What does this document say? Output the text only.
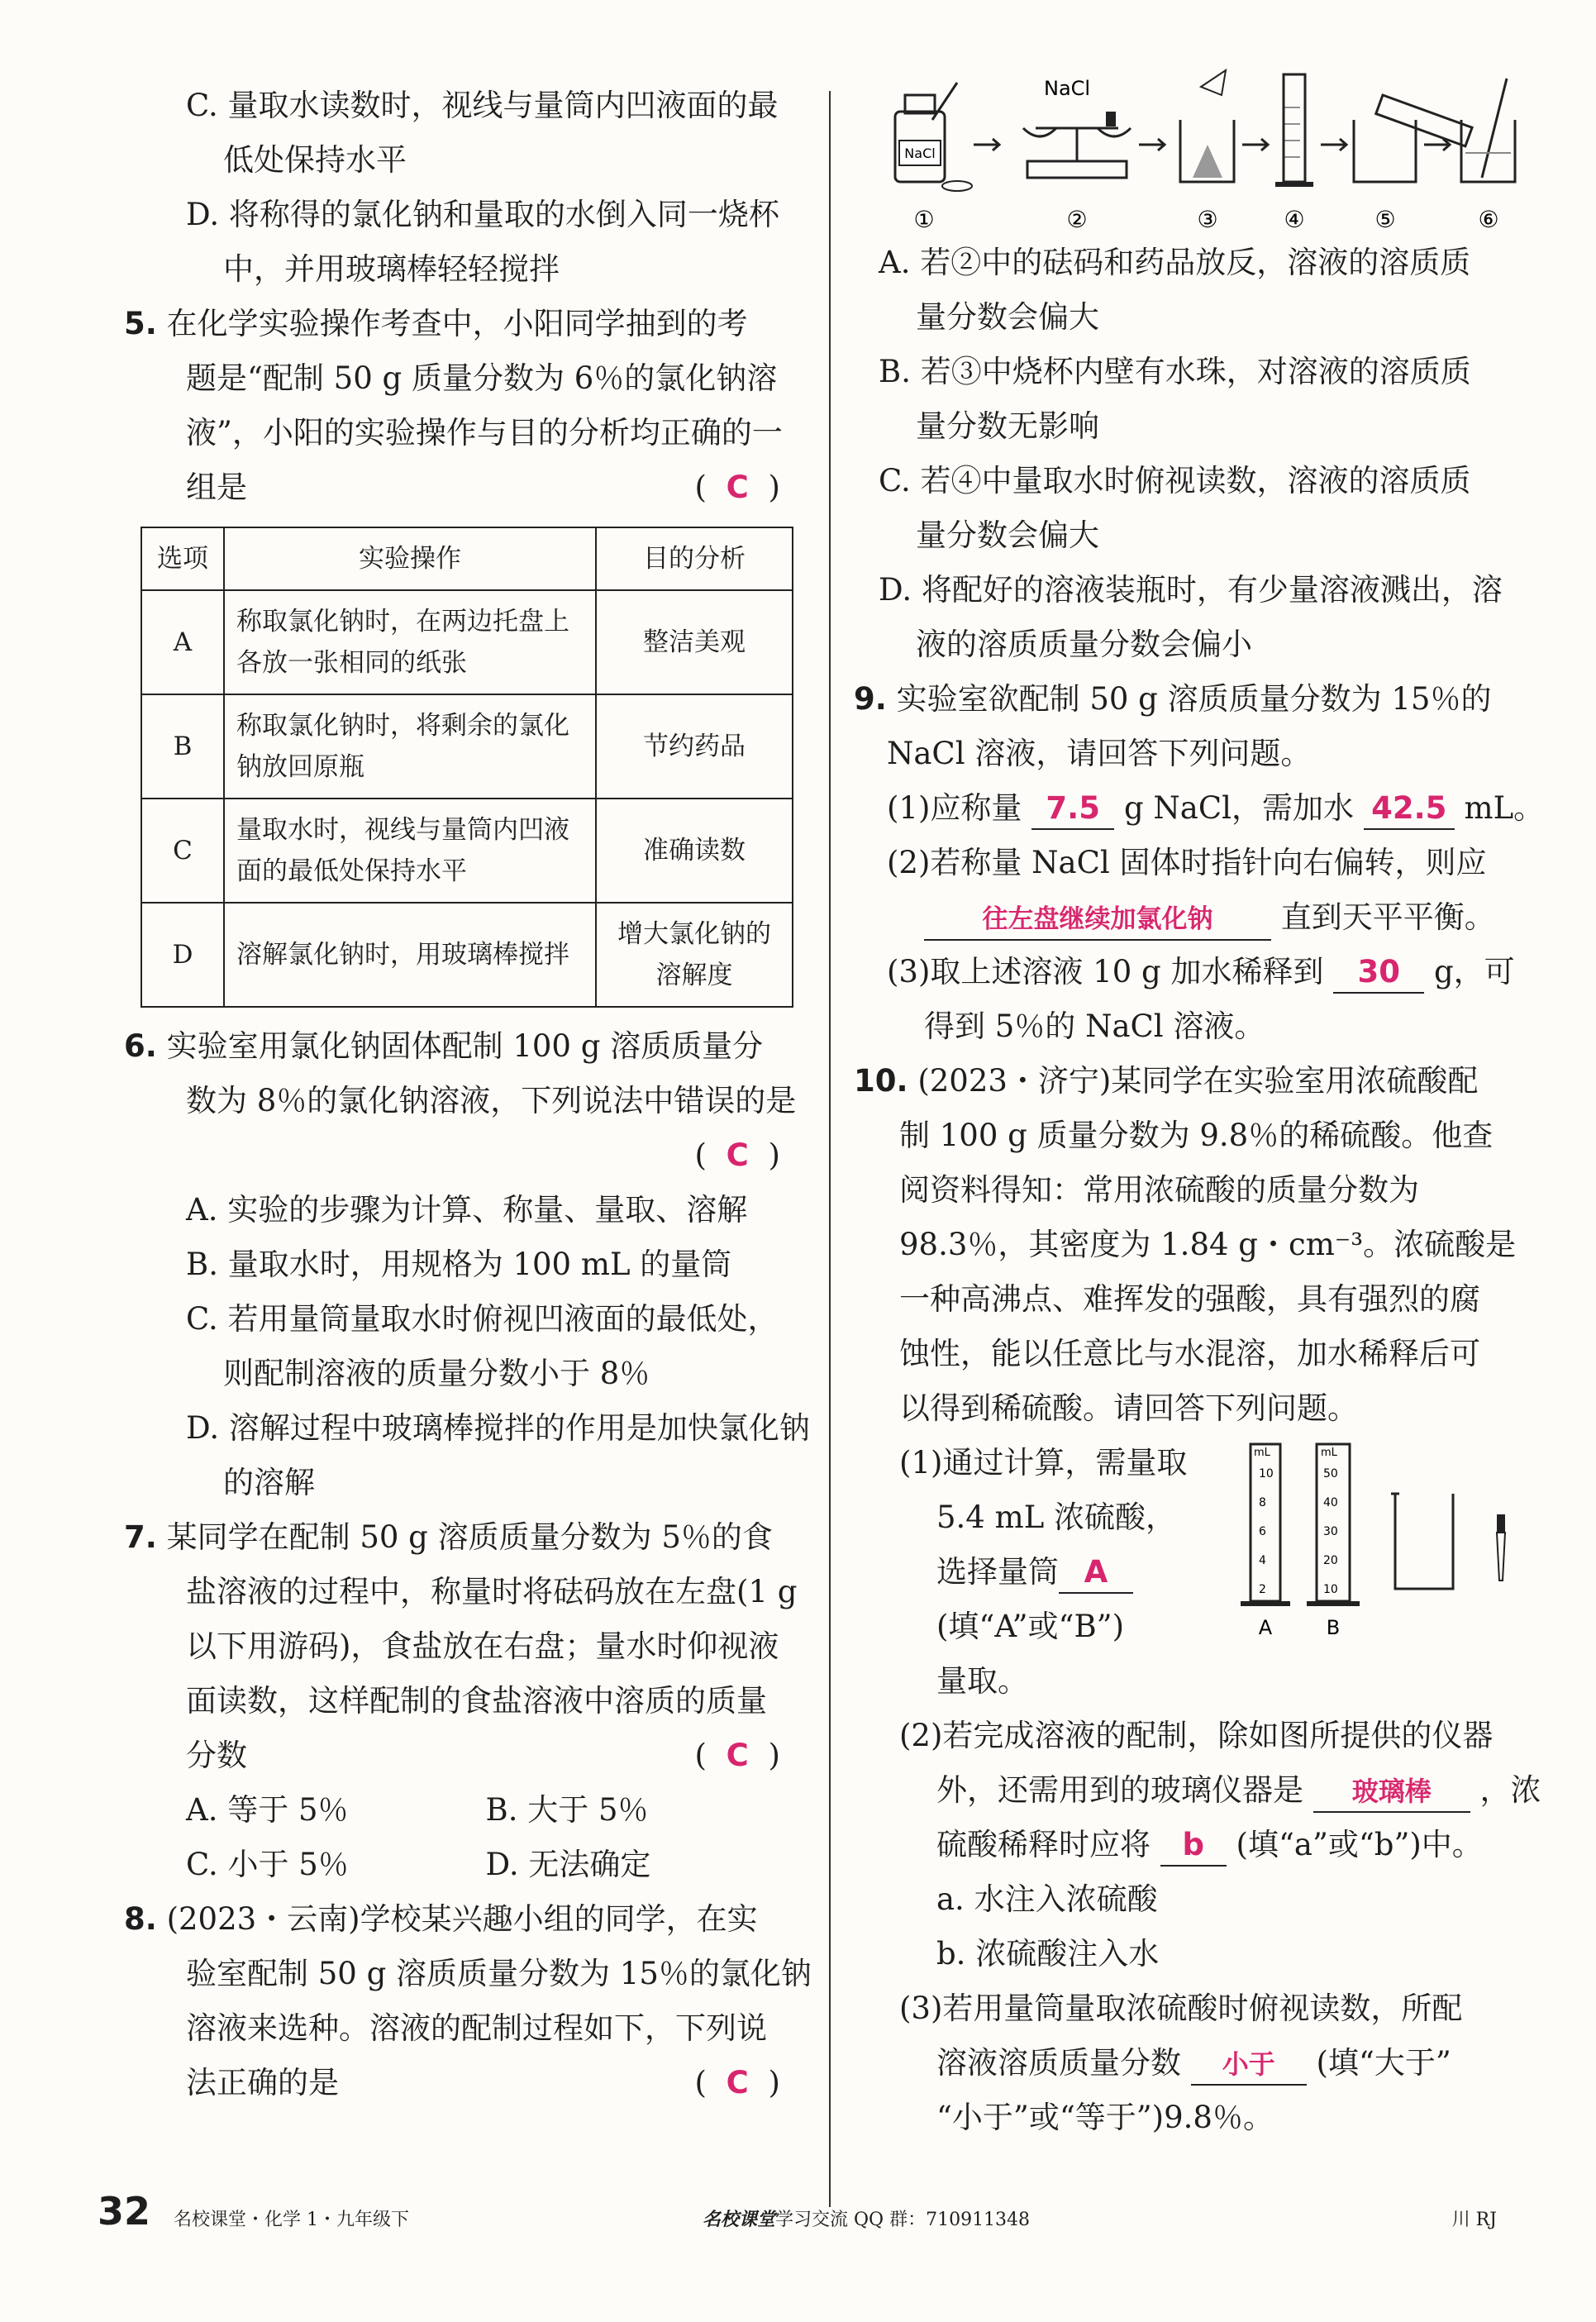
C. 量取水读数时，视线与量筒内凹液面的最
低处保持水平
D. 将称得的氯化钠和量取的水倒入同一烧杯
中，并用玻璃棒轻轻搅拌
5. 在化学实验操作考查中，小阳同学抽到的考
题是“配制 50 g 质量分数为 6％的氯化钠溶
液”，小阳的实验操作与目的分析均正确的一
组是	( C )
选项	实验操作	目的分析
A	称取氯化钠时，在两边托盘上各放一张相同的纸张	整洁美观
B	称取氯化钠时，将剩余的氯化钠放回原瓶	节约药品
C	量取水时，视线与量筒内凹液面的最低处保持水平	准确读数
D	溶解氯化钠时，用玻璃棒搅拌	增大氯化钠的溶解度
6. 实验室用氯化钠固体配制 100 g 溶质质量分
数为 8％的氯化钠溶液，下列说法中错误的是
( C )
A. 实验的步骤为计算、称量、量取、溶解
B. 量取水时，用规格为 100 mL 的量筒
C. 若用量筒量取水时俯视凹液面的最低处，
则配制溶液的质量分数小于 8％
D. 溶解过程中玻璃棒搅拌的作用是加快氯化钠
的溶解
7. 某同学在配制 50 g 溶质质量分数为 5％的食
盐溶液的过程中，称量时将砝码放在左盘(1 g
以下用游码)，食盐放在右盘；量水时仰视液
面读数，这样配制的食盐溶液中溶质的质量
分数	( C )
A. 等于 5％	B. 大于 5％
C. 小于 5％	D. 无法确定
8. (2023・云南)学校某兴趣小组的同学，在实
验室配制 50 g 溶质质量分数为 15％的氯化钠
溶液来选种。溶液的配制过程如下，下列说
法正确的是	( C )
NaCl
NaCl
①	②	③	④	⑤	⑥
A. 若②中的砝码和药品放反，溶液的溶质质
量分数会偏大
B. 若③中烧杯内壁有水珠，对溶液的溶质质
量分数无影响
C. 若④中量取水时俯视读数，溶液的溶质质
量分数会偏大
D. 将配好的溶液装瓶时，有少量溶液溅出，溶
液的溶质质量分数会偏小
9. 实验室欲配制 50 g 溶质质量分数为 15％的
NaCl 溶液，请回答下列问题。
(1)应称量 7.5 g NaCl，需加水 42.5 mL。
(2)若称量 NaCl 固体时指针向右偏转，则应
往左盘继续加氯化钠 直到天平平衡。
(3)取上述溶液 10 g 加水稀释到 30 g，可
得到 5％的 NaCl 溶液。
10. (2023・济宁)某同学在实验室用浓硫酸配
制 100 g 质量分数为 9.8％的稀硫酸。他查
阅资料得知：常用浓硫酸的质量分数为
98.3％，其密度为 1.84 g・cm⁻³。浓硫酸是
一种高沸点、难挥发的强酸，具有强烈的腐
蚀性，能以任意比与水混溶，加水稀释后可
以得到稀硫酸。请回答下列问题。
(1)通过计算，需量取
5.4 mL 浓硫酸，
选择量筒 A
(填“A”或“B”)
量取。
mL
10
8
6
4
2
A
mL
50
40
30
20
10
B
(2)若完成溶液的配制，除如图所提供的仪器
外，还需用到的玻璃仪器是 玻璃棒 ，浓
硫酸稀释时应将 b (填“a”或“b”)中。
a. 水注入浓硫酸
b. 浓硫酸注入水
(3)若用量筒量取浓硫酸时俯视读数，所配
溶液溶质质量分数 小于 (填“大于”
“小于”或“等于”)9.8％。
32 名校课堂・化学 1・九年级下	名校课堂学习交流 QQ 群：710911348	川 RJ
